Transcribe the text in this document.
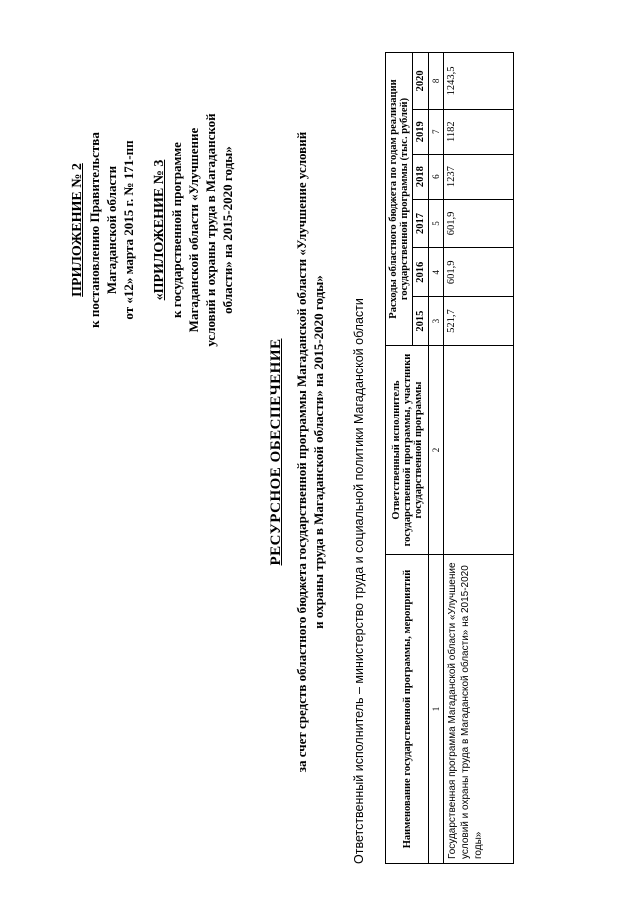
ПРИЛОЖЕНИЕ № 2 к постановлению Правительства Магаданской области от «12» марта 2015 г. № 171-пп «ПРИЛОЖЕНИЕ № 3 к государственной программе Магаданской области «Улучшение условий и охраны труда в Магаданской области» на 2015-2020 годы»
РЕСУРСНОЕ ОБЕСПЕЧЕНИЕ за счет средств областного бюджета государственной программы Магаданской области «Улучшение условий и охраны труда в Магаданской области» на 2015-2020 годы» Ответственный исполнитель – министерство труда и социальной политики Магаданской области	Наименование государственной программы, мероприятий	Ответственный исполнитель государственной программы, участники государственной программы	Расходы областного бюджета по годам реализации государственной программы (тыс. рублей)					
		2015	2016	2017	2018	2019	2020
1	2	3	4	5	6	7	8
Государственная программа Магаданской области «Улучшение условий и охраны труда в Магаданской области» на 2015-2020 годы»		521,7	601,9	601,9	1237	1182	1243,5
